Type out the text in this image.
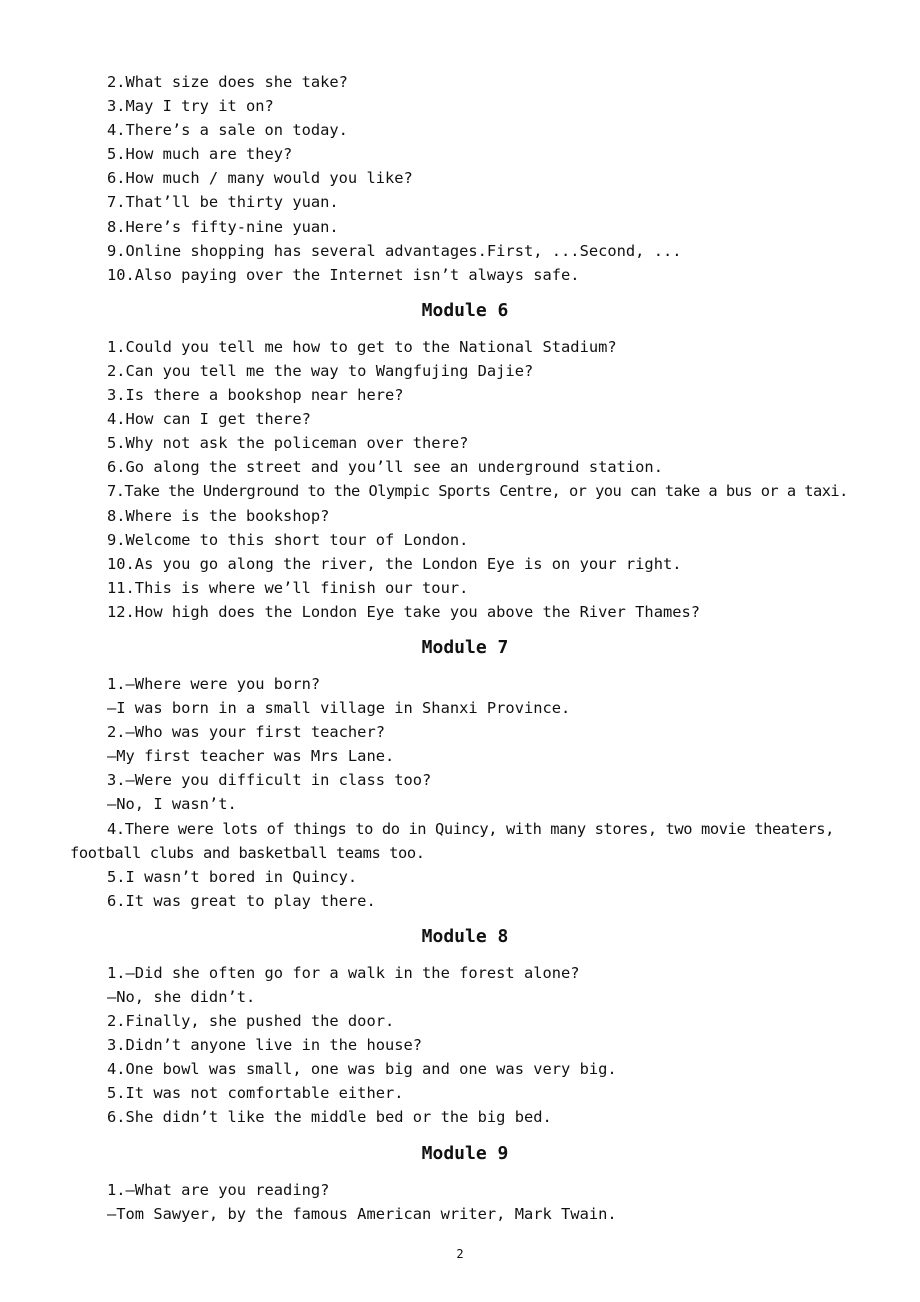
2.What size does she take?
3.May I try it on?
4.There’s a sale on today.
5.How much are they?
6.How much / many would you like?
7.That’ll be thirty yuan.
8.Here’s fifty-nine yuan.
9.Online shopping has several advantages.First, ...Second, ...
10.Also paying over the Internet isn’t always safe.
Module 6
1.Could you tell me how to get to the National Stadium?
2.Can you tell me the way to Wangfujing Dajie?
3.Is there a bookshop near here?
4.How can I get there?
5.Why not ask the policeman over there?
6.Go along the street and you’ll see an underground station.
7.Take the Underground to the Olympic Sports Centre, or you can take a bus or a taxi.
8.Where is the bookshop?
9.Welcome to this short tour of London.
10.As you go along the river, the London Eye is on your right.
11.This is where we’ll finish our tour.
12.How high does the London Eye take you above the River Thames?
Module 7
1.—Where were you born?
—I was born in a small village in Shanxi Province.
2.—Who was your first teacher?
—My first teacher was Mrs Lane.
3.—Were you difficult in class too?
—No, I wasn’t.
4.There were lots of things to do in Quincy, with many stores, two movie theaters, football clubs and basketball teams too.
5.I wasn’t bored in Quincy.
6.It was great to play there.
Module 8
1.—Did she often go for a walk in the forest alone?
—No, she didn’t.
2.Finally, she pushed the door.
3.Didn’t anyone live in the house?
4.One bowl was small, one was big and one was very big.
5.It was not comfortable either.
6.She didn’t like the middle bed or the big bed.
Module 9
1.—What are you reading?
—Tom Sawyer, by the famous American writer, Mark Twain.
2
